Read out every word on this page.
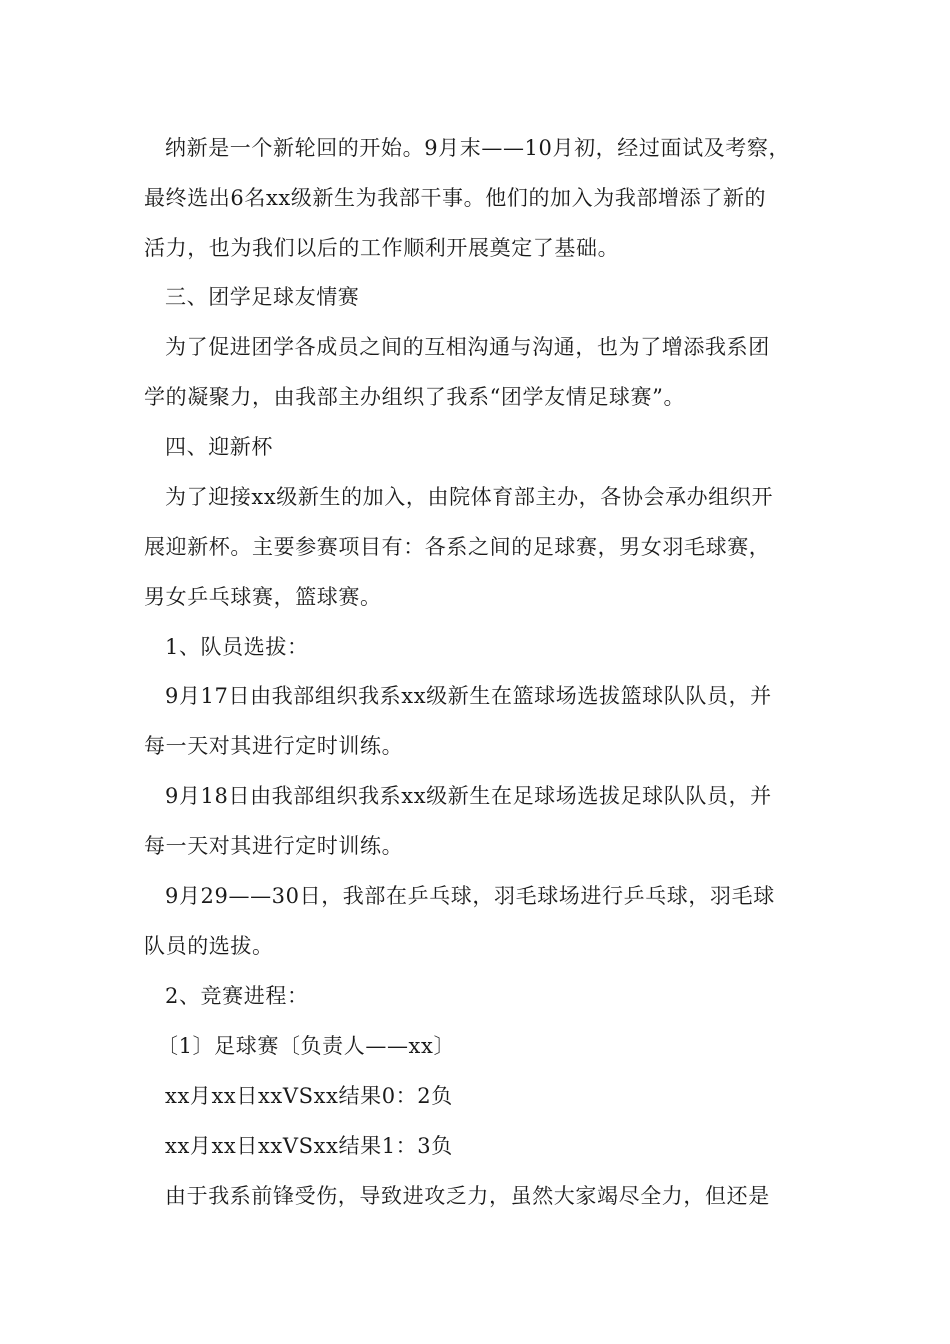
纳新是一个新轮回的开始。9月末——10月初，经过面试及考察，
最终选出6名xx级新生为我部干事。他们的加入为我部增添了新的
活力，也为我们以后的工作顺利开展奠定了基础。
三、团学足球友情赛
为了促进团学各成员之间的互相沟通与沟通，也为了增添我系团
学的凝聚力，由我部主办组织了我系“团学友情足球赛”。
四、迎新杯
为了迎接xx级新生的加入，由院体育部主办，各协会承办组织开
展迎新杯。主要参赛项目有：各系之间的足球赛，男女羽毛球赛，
男女乒乓球赛，篮球赛。
1、队员选拔：
9月17日由我部组织我系xx级新生在篮球场选拔篮球队队员，并
每一天对其进行定时训练。
9月18日由我部组织我系xx级新生在足球场选拔足球队队员，并
每一天对其进行定时训练。
9月29——30日，我部在乒乓球，羽毛球场进行乒乓球，羽毛球
队员的选拔。
2、竞赛进程：
〔1〕足球赛〔负责人——xx〕
xx月xx日xxVSxx结果0：2负
xx月xx日xxVSxx结果1：3负
由于我系前锋受伤，导致进攻乏力，虽然大家竭尽全力，但还是
